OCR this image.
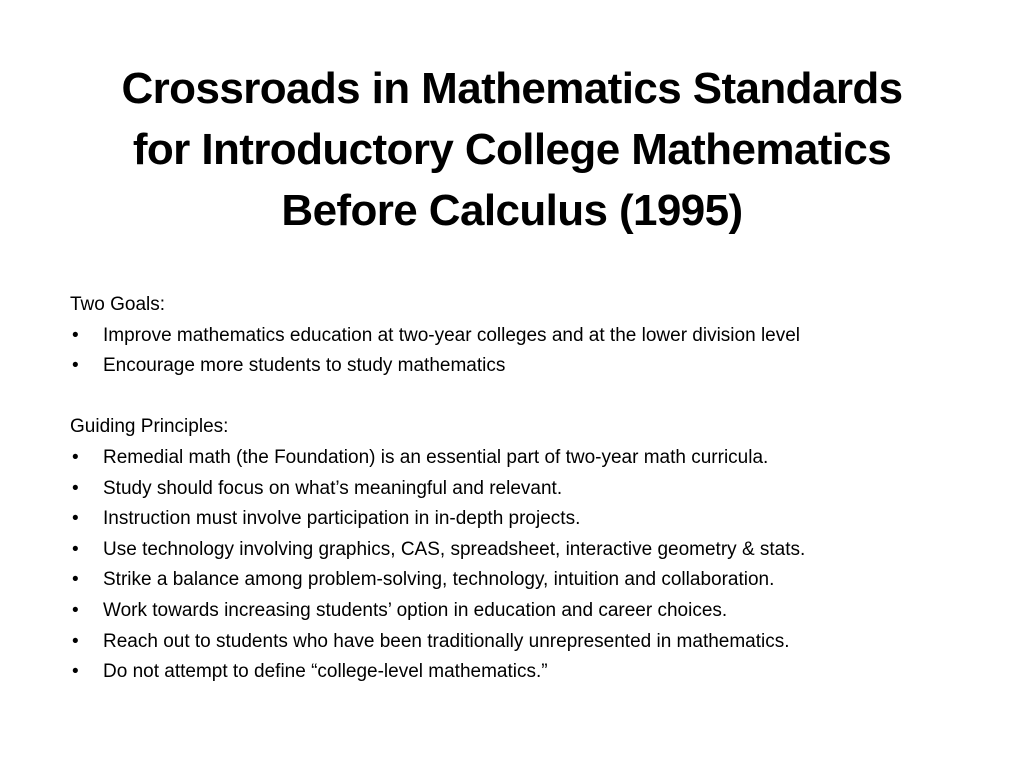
Crossroads in Mathematics Standards
for Introductory College Mathematics
Before Calculus (1995)

Two Goals:

• Improve mathematics education at two-year colleges and at the lower division level
• Encourage more students to study mathematics

Guiding Principles:

• Remedial math (the Foundation) is an essential part of two-year math curricula.
• Study should focus on what’s meaningful and relevant.
• Instruction must involve participation in in-depth projects.
• Use technology involving graphics, CAS, spreadsheet, interactive geometry & stats.
• Strike a balance among problem-solving, technology, intuition and collaboration.
• Work towards increasing students’ option in education and career choices.
• Reach out to students who have been traditionally unrepresented in mathematics.
• Do not attempt to define “college-level mathematics.”
